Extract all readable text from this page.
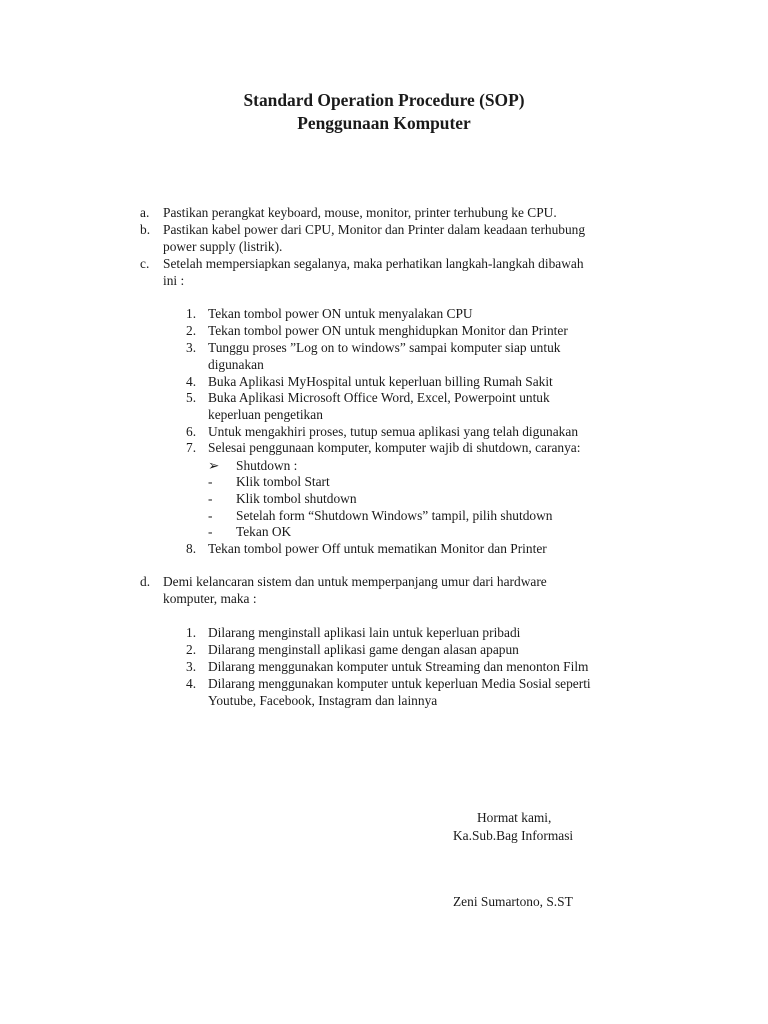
Standard Operation Procedure (SOP)
Penggunaan Komputer
a. Pastikan perangkat keyboard, mouse, monitor, printer terhubung ke CPU.
b. Pastikan kabel power dari CPU, Monitor dan Printer dalam keadaan terhubung
power supply (listrik).
c. Setelah mempersiapkan segalanya, maka perhatikan langkah-langkah dibawah
ini :
1. Tekan tombol power ON untuk menyalakan CPU
2. Tekan tombol power ON untuk menghidupkan Monitor dan Printer
3. Tunggu proses ”Log on to windows” sampai komputer siap untuk
digunakan
4. Buka Aplikasi MyHospital untuk keperluan billing Rumah Sakit
5. Buka Aplikasi Microsoft Office Word, Excel, Powerpoint untuk
keperluan pengetikan
6. Untuk mengakhiri proses, tutup semua aplikasi yang telah digunakan
7. Selesai penggunaan komputer, komputer wajib di shutdown, caranya:
➢ Shutdown :
- Klik tombol Start
- Klik tombol shutdown
- Setelah form “Shutdown Windows” tampil, pilih shutdown
- Tekan OK
8. Tekan tombol power Off untuk mematikan Monitor dan Printer
d. Demi kelancaran sistem dan untuk memperpanjang umur dari hardware
komputer, maka :
1. Dilarang menginstall aplikasi lain untuk keperluan pribadi
2. Dilarang menginstall aplikasi game dengan alasan apapun
3. Dilarang menggunakan komputer untuk Streaming dan menonton Film
4. Dilarang menggunakan komputer untuk keperluan Media Sosial seperti
Youtube, Facebook, Instagram dan lainnya
Hormat kami,
Ka.Sub.Bag Informasi
Zeni Sumartono, S.ST
